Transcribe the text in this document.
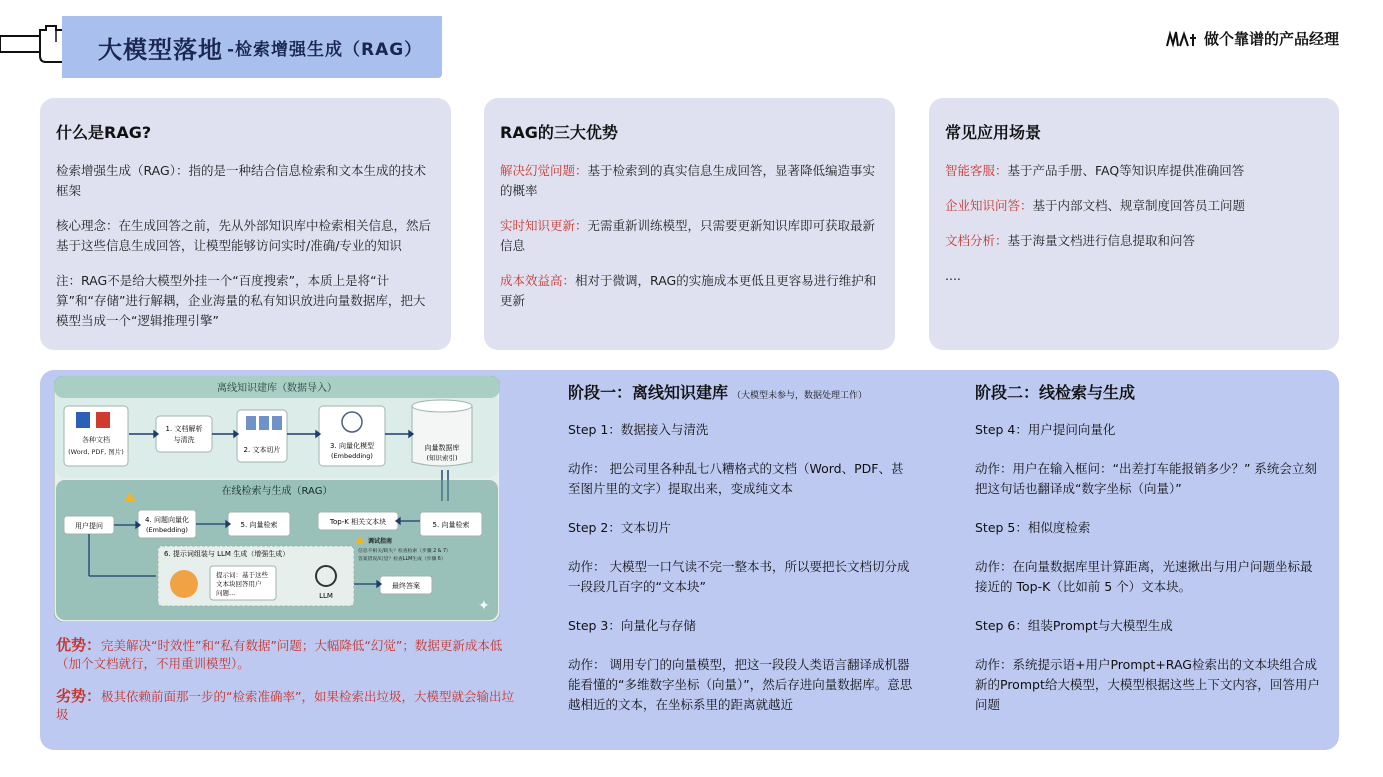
大模型落地 -检索增强生成（RAG）
做个靠谱的产品经理
什么是RAG?

检索增强生成（RAG）：指的是一种结合信息检索和文本生成的技术框架

核心理念：在生成回答之前，先从外部知识库中检索相关信息，然后基于这些信息生成回答，让模型能够访问实时/准确/专业的知识

注：RAG不是给大模型外挂一个“百度搜索”，本质上是将“计算”和“存储”进行解耦，企业海量的私有知识放进向量数据库，把大模型当成一个“逻辑推理引擎”

RAG的三大优势

解决幻觉问题：基于检索到的真实信息生成回答，显著降低编造事实的概率

实时知识更新：无需重新训练模型，只需要更新知识库即可获取最新信息

成本效益高：相对于微调，RAG的实施成本更低且更容易进行维护和更新

常见应用场景

智能客服：基于产品手册、FAQ等知识库提供准确回答

企业知识问答：基于内部文档、规章制度回答员工问题

文档分析：基于海量文档进行信息提取和问答

....

离线知识建库（数据导入）
各种文档
(Word, PDF, 图片)
1. 文档解析
与清洗
2. 文本切片	3. 向量化模型
(Embedding)
向量数据库
(知识索引)
在线检索与生成（RAG）
用户提问
4. 问题向量化
(Embedding)
5. 向量检索	Top-K 相关文本块	5. 向量检索
调试指南
信息不相关/缺失？检查检索（步骤 2 & 7）
答案错误/幻觉？检查LLM生成（步骤 6）
6. 提示词组装与 LLM 生成（增强生成）
提示词：基于这些
文本块回答用户
问题...	LLM
最终答案
✦
优势：完美解决“时效性”和“私有数据”问题；大幅降低“幻觉”；数据更新成本低（加个文档就行，不用重训模型）。
劣势：极其依赖前面那一步的“检索准确率”，如果检索出垃圾，大模型就会输出垃圾
阶段一：离线知识建库 （大模型未参与，数据处理工作）
Step 1：数据接入与清洗
动作： 把公司里各种乱七八糟格式的文档（Word、PDF、甚至图片里的文字）提取出来，变成纯文本
Step 2：文本切片
动作： 大模型一口气读不完一整本书，所以要把长文档切分成一段段几百字的“文本块”
Step 3：向量化与存储
动作： 调用专门的向量模型，把这一段段人类语言翻译成机器能看懂的“多维数字坐标（向量）”，然后存进向量数据库。意思越相近的文本，在坐标系里的距离就越近
阶段二：线检索与生成
Step 4：用户提问向量化
动作：用户在输入框问：“出差打车能报销多少？” 系统会立刻把这句话也翻译成“数字坐标（向量）”
Step 5：相似度检索
动作：在向量数据库里计算距离，光速揪出与用户问题坐标最接近的 Top-K（比如前 5 个）文本块。
Step 6：组装Prompt与大模型生成
动作：系统提示语+用户Prompt+RAG检索出的文本块组合成新的Prompt给大模型，大模型根据这些上下文内容，回答用户问题
